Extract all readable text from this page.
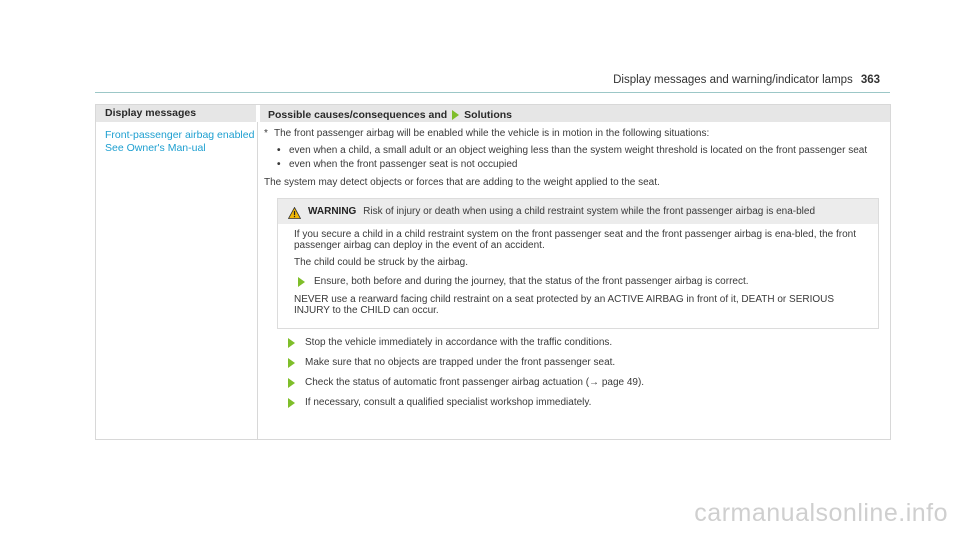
Display messages and warning/indicator lamps 363
Display messages	Possible causes/consequences and Solutions
Front-passenger airbag enabled See Owner's Man-ual
* The front passenger airbag will be enabled while the vehicle is in motion in the following situations:
• even when a child, a small adult or an object weighing less than the system weight threshold is located on the front passenger seat
• even when the front passenger seat is not occupied
The system may detect objects or forces that are adding to the weight applied to the seat.
WARNING Risk of injury or death when using a child restraint system while the front passenger airbag is ena-bled

If you secure a child in a child restraint system on the front passenger seat and the front passenger airbag is ena-bled, the front passenger airbag can deploy in the event of an accident.

The child could be struck by the airbag.

Ensure, both before and during the journey, that the status of the front passenger airbag is correct.

NEVER use a rearward facing child restraint on a seat protected by an ACTIVE AIRBAG in front of it, DEATH or SERIOUS INJURY to the CHILD can occur.

Stop the vehicle immediately in accordance with the traffic conditions.
Make sure that no objects are trapped under the front passenger seat.
Check the status of automatic front passenger airbag actuation (→ page 49).
If necessary, consult a qualified specialist workshop immediately.
carmanualsonline.info
